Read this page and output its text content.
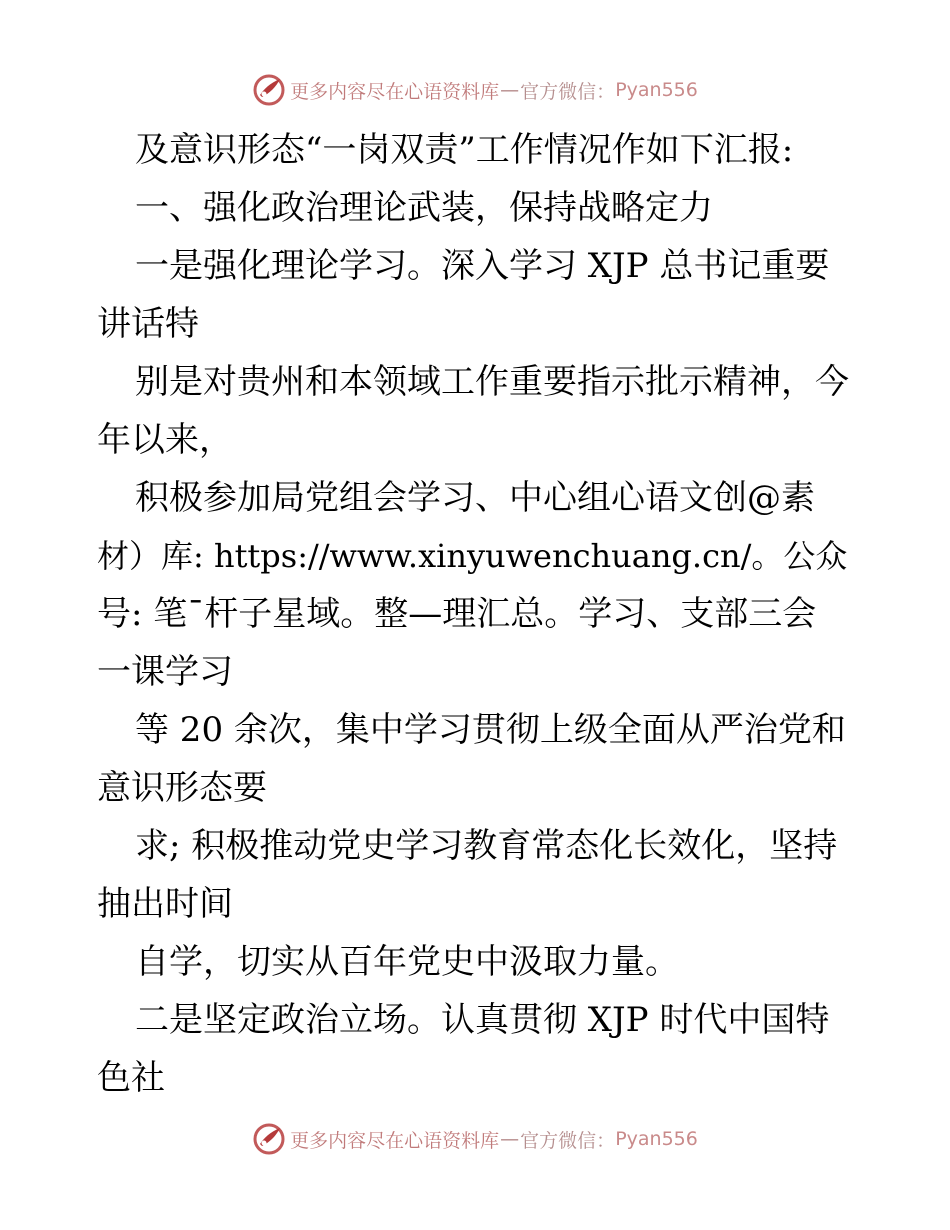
更多内容尽在心语资料库 — 官方微信： Pyan556
及意识形态“一岗双责”工作情况作如下汇报:
一、强化政治理论武装，保持战略定力
一是强化理论学习。深入学习 XJP 总书记重要
讲话特
别是对贵州和本领域工作重要指示批示精神，今
年以来，
积极参加局党组会学习、中心组心语文创@素
材）库: https://www.xinyuwenchuang.cn/。公众
号: 笔¯杆子星域。整—理汇总。学习、支部三会
一课学习
等 20 余次，集中学习贯彻上级全面从严治党和
意识形态要
求; 积极推动党史学习教育常态化长效化，坚持
抽出时间
自学，切实从百年党史中汲取力量。
二是坚定政治立场。认真贯彻 XJP 时代中国特
色社
更多内容尽在心语资料库 — 官方微信： Pyan556
